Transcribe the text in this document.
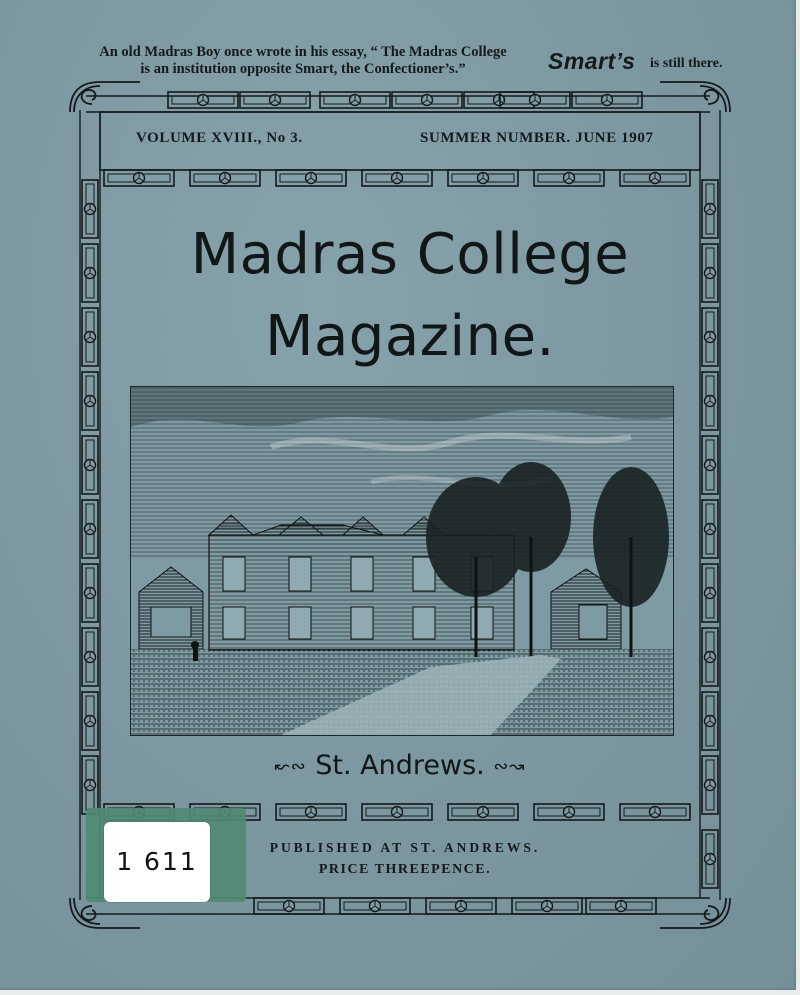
An old Madras Boy once wrote in his essay, “ The Madras College
is an institution opposite Smart, the Confectioner’s.”	Smart’s is still there.
VOLUME XVIII., No 3.	SUMMER NUMBER. JUNE 1907
Madras College
Magazine.
↜∾ St. Andrews. ∾↝
PUBLISHED AT ST. ANDREWS.
PRICE THREEPENCE.
1 611
